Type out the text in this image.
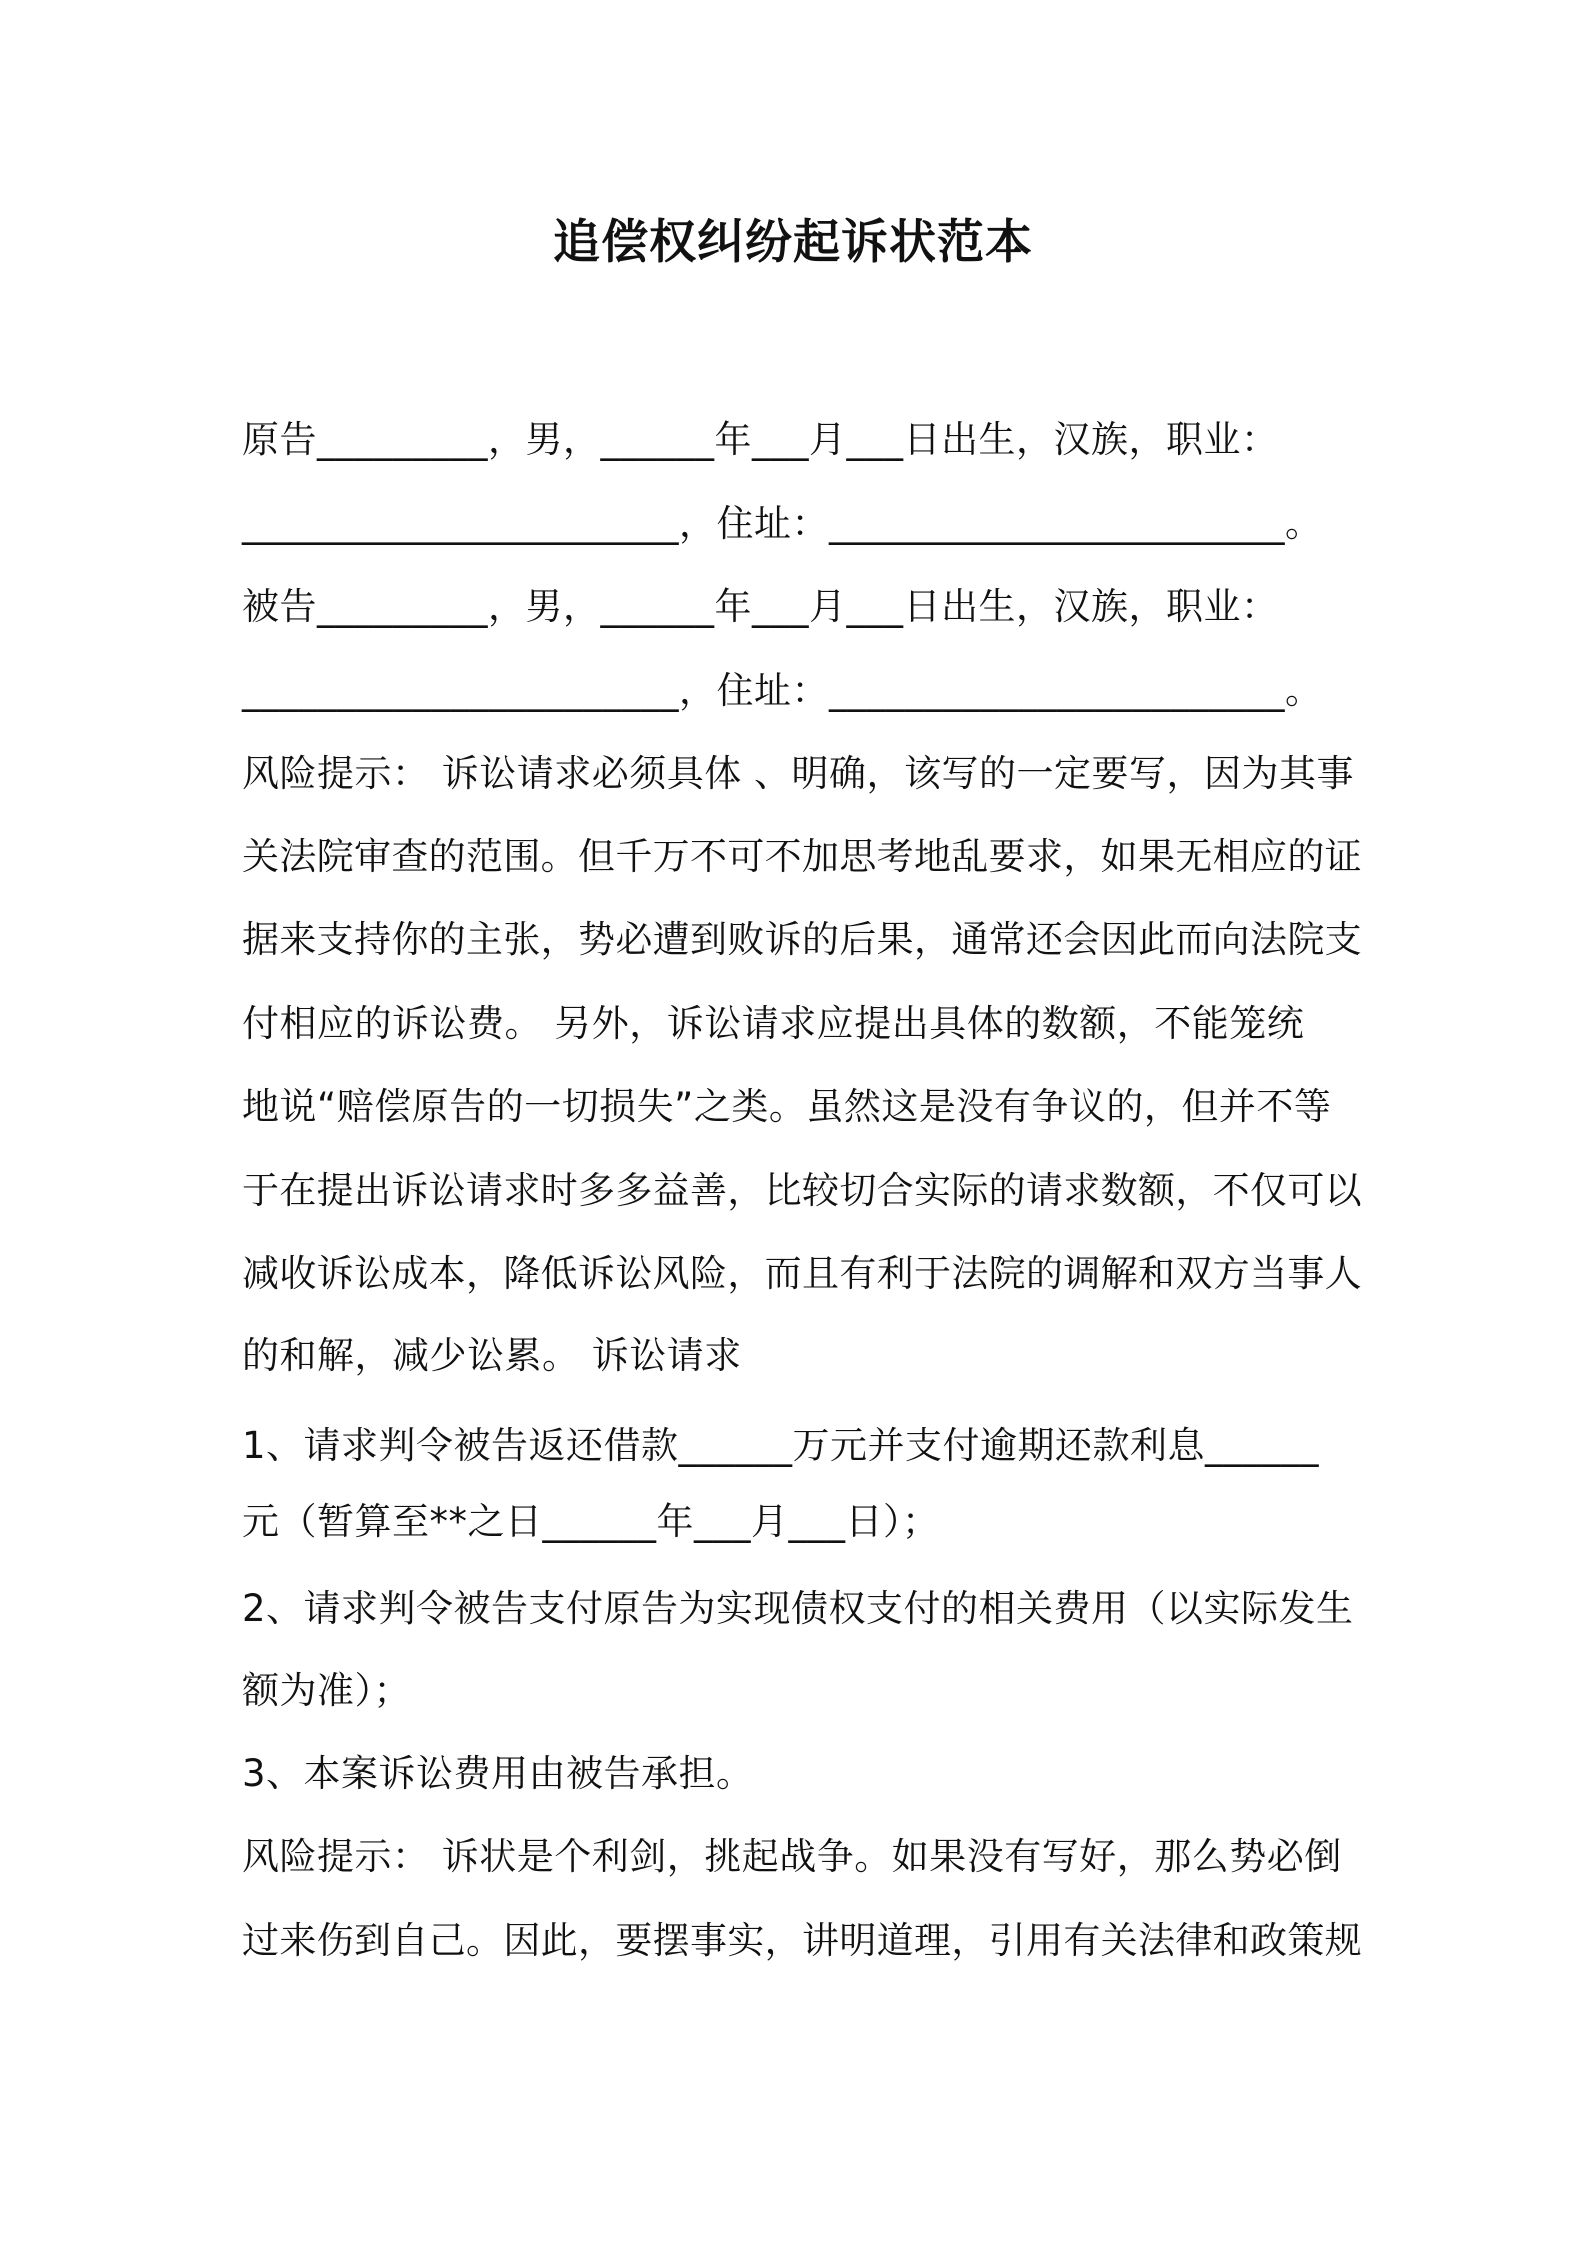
追偿权纠纷起诉状范本
原告_________，男，______年___月___日出生，汉族，职业：
_______________________，住址：________________________。
被告_________，男，______年___月___日出生，汉族，职业：
_______________________，住址：________________________。
风险提示： 诉讼请求必须具体 、明确，该写的一定要写，因为其事
关法院审查的范围。但千万不可不加思考地乱要求，如果无相应的证
据来支持你的主张，势必遭到败诉的后果，通常还会因此而向法院支
付相应的诉讼费。 另外，诉讼请求应提出具体的数额，不能笼统
地说“赔偿原告的一切损失”之类。虽然这是没有争议的，但并不等
于在提出诉讼请求时多多益善，比较切合实际的请求数额，不仅可以
减收诉讼成本，降低诉讼风险，而且有利于法院的调解和双方当事人
的和解，减少讼累。 诉讼请求
1、请求判令被告返还借款______万元并支付逾期还款利息______
元（暂算至**之日______年___月___日）；
2、请求判令被告支付原告为实现债权支付的相关费用（以实际发生
额为准）；
3、本案诉讼费用由被告承担。
风险提示： 诉状是个利剑，挑起战争。如果没有写好，那么势必倒
过来伤到自己。因此，要摆事实，讲明道理，引用有关法律和政策规
